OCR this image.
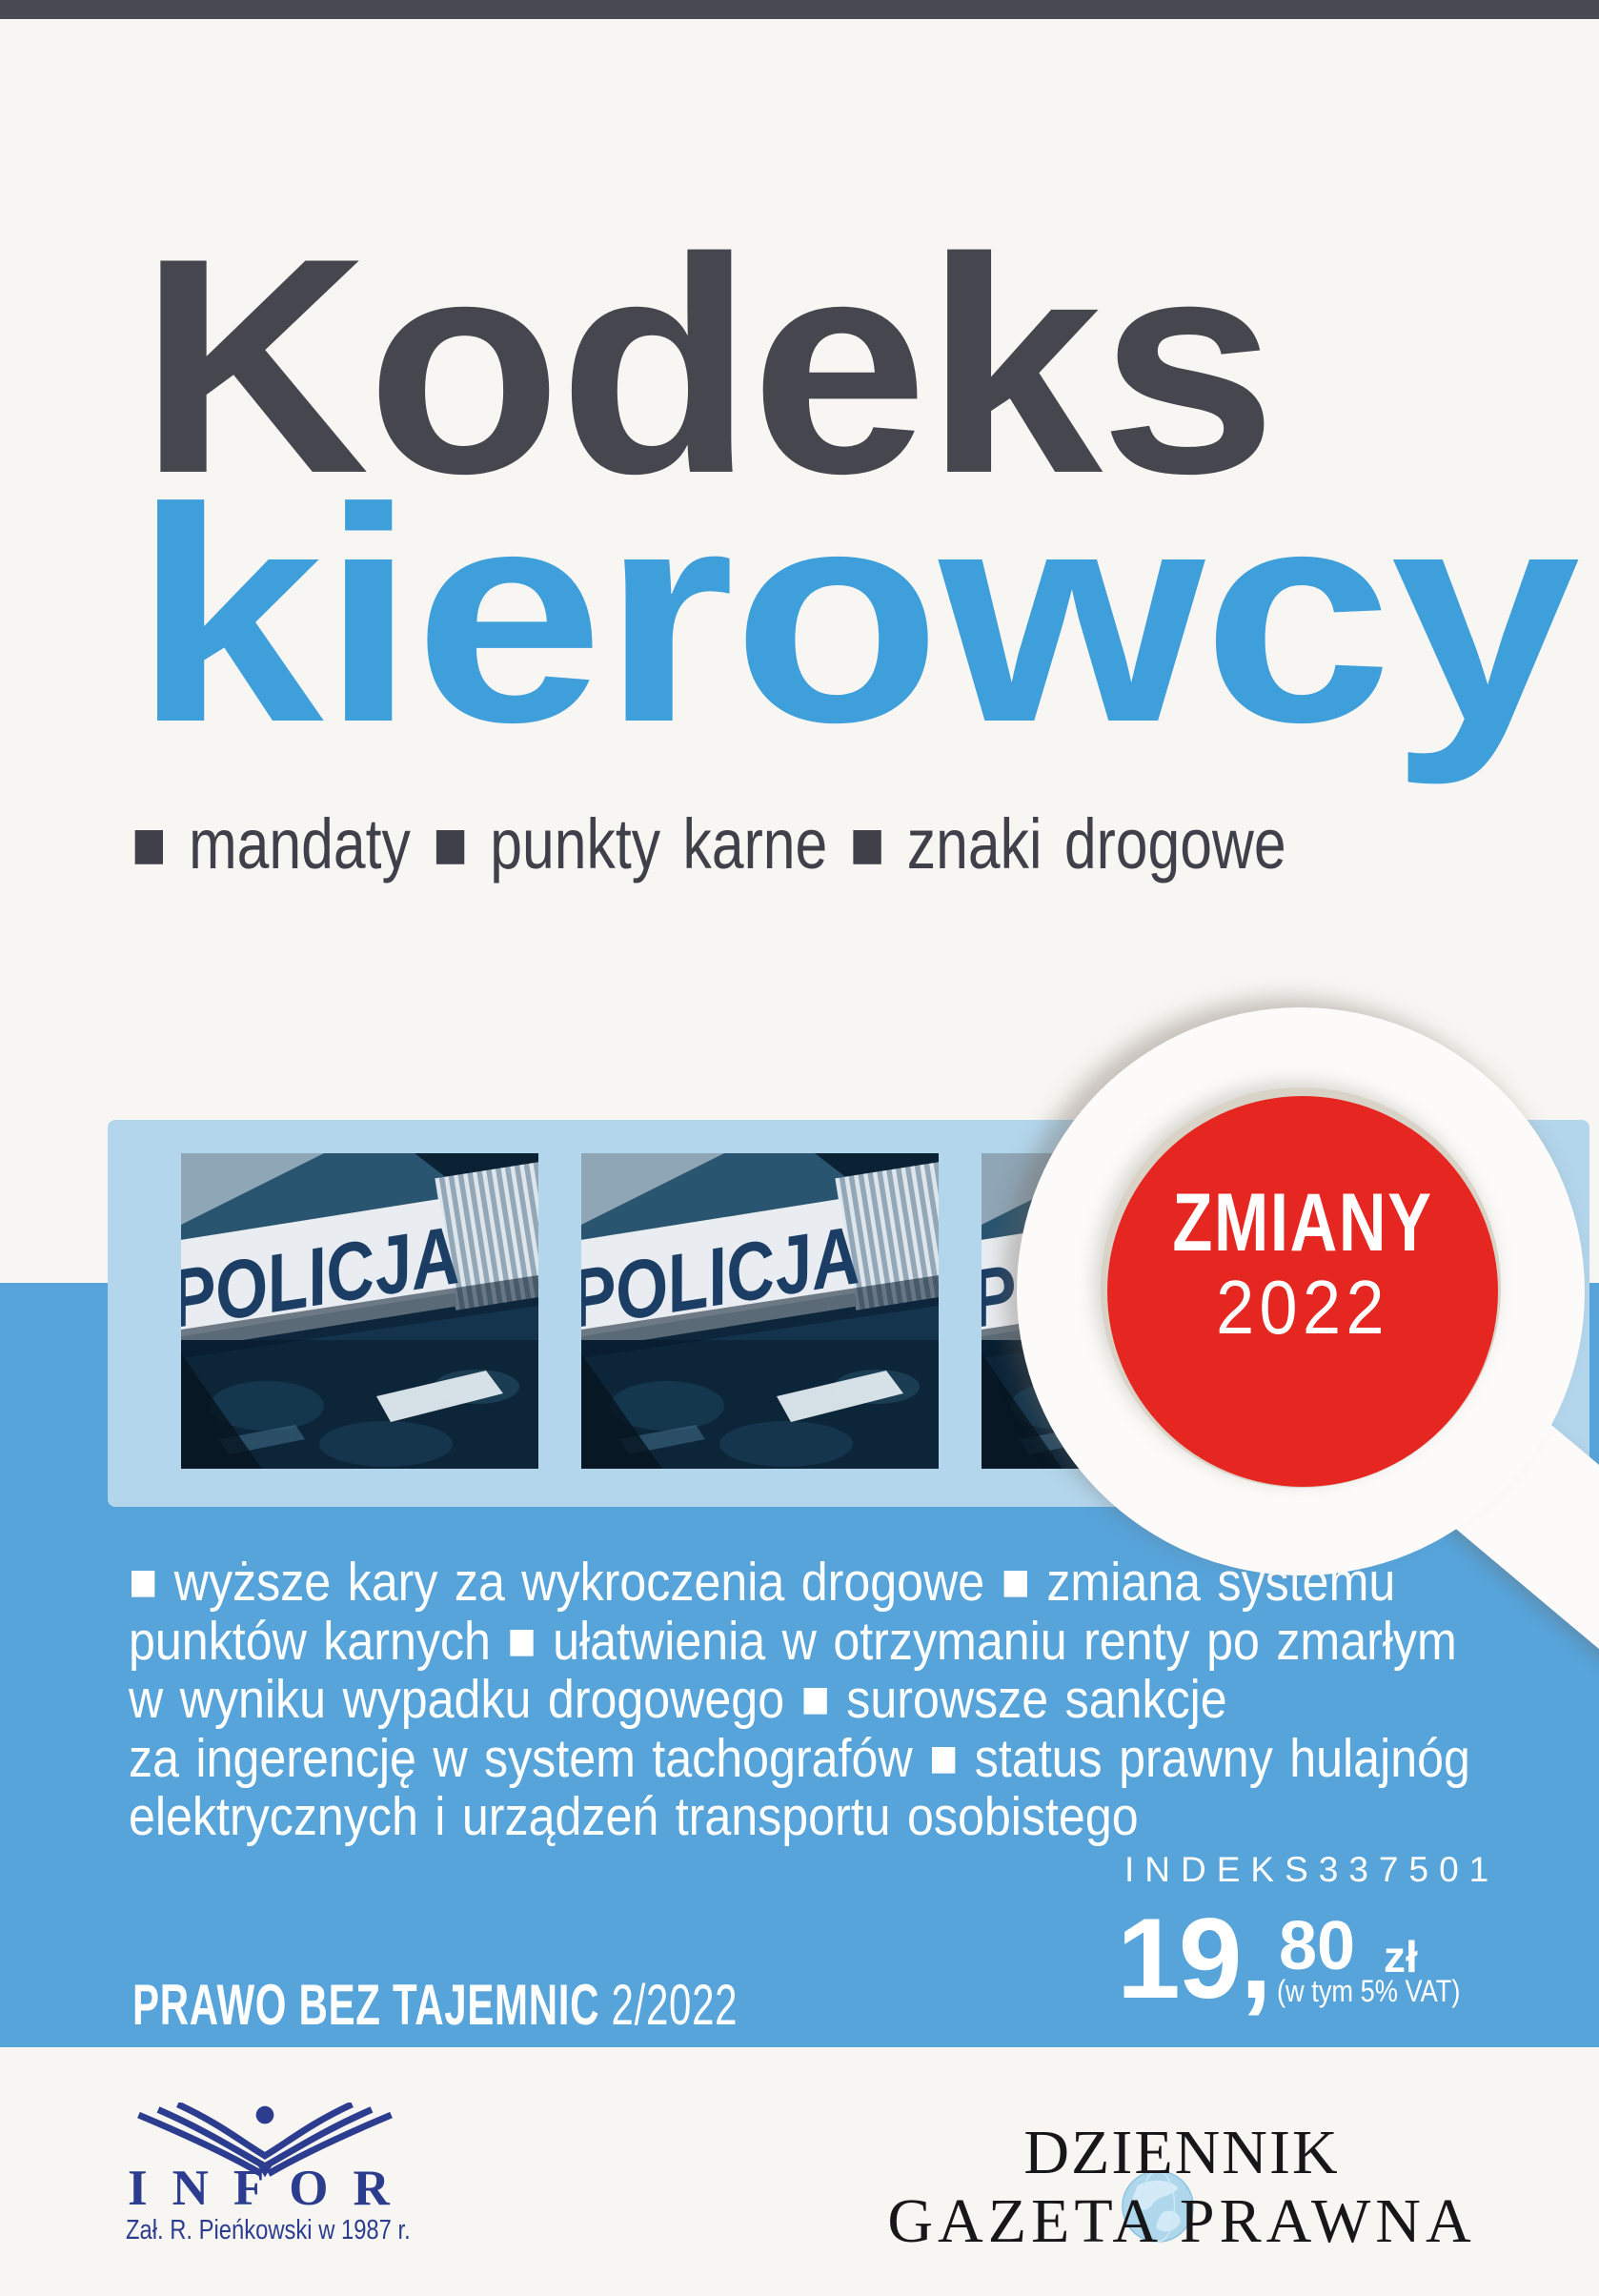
Kodeks
kierowcy
■ mandaty ■ punkty karne ■ znaki drogowe
■ wyższe kary za wykroczenia drogowe ■ zmiana systemu
punktów karnych ■ ułatwienia w otrzymaniu renty po zmarłym
w wyniku wypadku drogowego ■ surowsze sankcje
za ingerencję w system tachografów ■ status prawny hulajnóg
elektrycznych i urządzeń transportu osobistego
ZMIANY
2022
INDEKS 337501
19, 80 zł
(w tym 5% VAT)
PRAWO BEZ TAJEMNIC 2/2022
INFOR
Zał. R. Pieńkowski w 1987 r.
DZIENNIK
GAZETA PRAWNA
